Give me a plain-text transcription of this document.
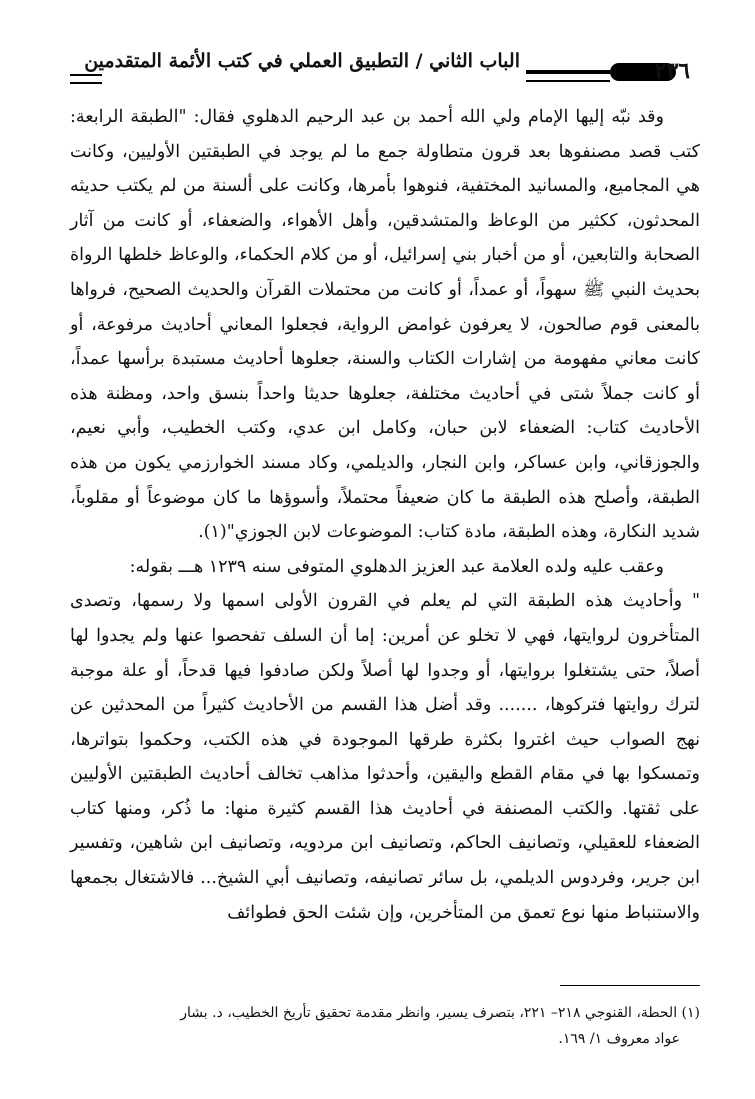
الباب الثاني / التطبيق العملي في كتب الأئمة المتقدمين	٢٣٦

وقد نبّه إليها الإمام ولي الله أحمد بن عبد الرحيم الدهلوي فقال: "الطبقة الرابعة: كتب قصد مصنفوها بعد قرون متطاولة جمع ما لم يوجد في الطبقتين الأوليين، وكانت هي المجاميع، والمسانيد المختفية، فنوهوا بأمرها، وكانت على ألسنة من لم يكتب حديثه المحدثون، ككثير من الوعاظ والمتشدقين، وأهل الأهواء، والضعفاء، أو كانت من آثار الصحابة والتابعين، أو من أخبار بني إسرائيل، أو من كلام الحكماء، والوعاظ خلطها الرواة بحديث النبي ﷺ سهواً، أو عمداً، أو كانت من محتملات القرآن والحديث الصحيح، فرواها بالمعنى قوم صالحون، لا يعرفون غوامض الرواية، فجعلوا المعاني أحاديث مرفوعة، أو كانت معاني مفهومة من إشارات الكتاب والسنة، جعلوها أحاديث مستبدة برأسها عمداً، أو كانت جملاً شتى في أحاديث مختلفة، جعلوها حديثا واحداً بنسق واحد، ومظنة هذه الأحاديث كتاب: الضعفاء لابن حبان، وكامل ابن عدي، وكتب الخطيب، وأبي نعيم، والجوزقاني، وابن عساكر، وابن النجار، والديلمي، وكاد مسند الخوارزمي يكون من هذه الطبقة، وأصلح هذه الطبقة ما كان ضعيفاً محتملاً، وأسوؤها ما كان موضوعاً أو مقلوباً، شديد النكارة، وهذه الطبقة، مادة كتاب: الموضوعات لابن الجوزي"(١).

وعقب عليه ولده العلامة عبد العزيز الدهلوي المتوفى سنه ١٢٣٩ هـــ بقوله:

" وأحاديث هذه الطبقة التي لم يعلم في القرون الأولى اسمها ولا رسمها، وتصدى المتأخرون لروايتها، فهي لا تخلو عن أمرين: إما أن السلف تفحصوا عنها ولم يجدوا لها أصلاً، حتى يشتغلوا بروايتها، أو وجدوا لها أصلاً ولكن صادفوا فيها قدحاً، أو علة موجبة لترك روايتها فتركوها، ....... وقد أضل هذا القسم من الأحاديث كثيراً من المحدثين عن نهج الصواب حيث اغتروا بكثرة طرقها الموجودة في هذه الكتب، وحكموا بتواترها، وتمسكوا بها في مقام القطع واليقين، وأحدثوا مذاهب تخالف أحاديث الطبقتين الأوليين على ثقتها. والكتب المصنفة في أحاديث هذا القسم كثيرة منها: ما ذُكر، ومنها كتاب الضعفاء للعقيلي، وتصانيف الحاكم، وتصانيف ابن مردويه، وتصانيف ابن شاهين، وتفسير ابن جرير، وفردوس الديلمي، بل سائر تصانيفه، وتصانيف أبي الشيخ... فالاشتغال بجمعها والاستنباط منها نوع تعمق من المتأخرين، وإن شئت الحق فطوائف

(١) الحطة، القنوجي ٢١٨– ٢٢١، بتصرف يسير، وانظر مقدمة تحقيق تأريخ الخطيب، د. بشار
عواد معروف ١/ ١٦٩.
